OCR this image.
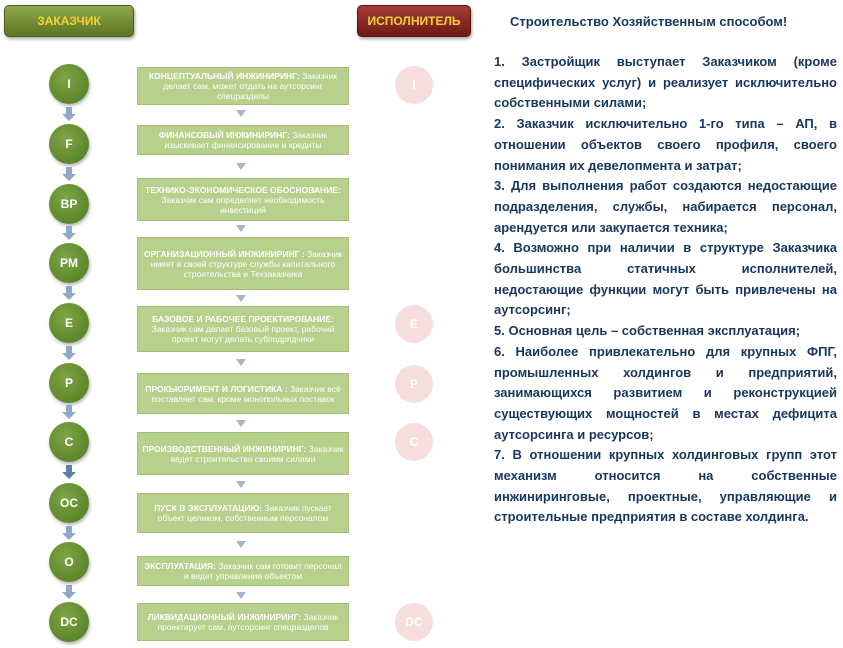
ЗАКАЗЧИК	ИСПОЛНИТЕЛЬ
I
F
BP
PM
E
P
C
OC
O
DC
КОНЦЕПТУАЛЬНЫЙ ИНЖИНИРИНГ: Заказчик делает сам, может отдать на аутсорсинг спецразделы
ФИНАНСОВЫЙ ИНЖИНИРИНГ: Заказчик изыскивает финансирование и кредиты
ТЕХНИКО-ЭКОНОМИЧЕСКОЕ ОБОСНОВАНИЕ: Заказчик сам определяет необходимость инвестиций
ОРГАНИЗАЦИОННЫЙ ИНЖИНИРИНГ : Заказчик имеет в своей структуре службы капитального строительства и Техзаказчика
БАЗОВОЕ И РАБОЧЕЕ ПРОЕКТИРОВАНИЕ: Заказчик сам делает базовый проект, рабочий проект могут делать субподрядчики
ПРОКЬЮРИМЕНТ И ЛОГИСТИКА : Заказчик всё поставляет сам, кроме монопольных поставок
ПРОИЗВОДСТВЕННЫЙ ИНЖИНИРИНГ: Заказчик ведет строительство своими силами
ПУСК В ЭКСПЛУАТАЦИЮ: Заказчик пускает объект целиком, собственным персоналом
ЭКСПЛУАТАЦИЯ: Заказчик сам готовит персонал и ведет управление объектом
ЛИКВИДАЦИОННЫЙ ИНЖИНИРИНГ: Заказчик проектирует сам, аутсорсинг спецразделов
I
E
P
C
DC
Строительство Хозяйственным способом!

1. Застройщик выступает Заказчиком (кроме специфических услуг) и реализует исключительно собственными силами;

2. Заказчик исключительно 1-го типа – АП, в отношении объектов своего профиля, своего понимания их девелопмента и затрат;

3. Для выполнения работ создаются недостающие подразделения, службы, набирается персонал, арендуется или закупается техника;

4. Возможно при наличии в структуре Заказчика большинства статичных исполнителей, недостающие функции могут быть привлечены на аутсорсинг;

5. Основная цель – собственная эксплуатация;

6. Наиболее привлекательно для крупных ФПГ, промышленных холдингов и предприятий, занимающихся развитием и реконструкцией существующих мощностей в местах дефицита аутсорсинга и ресурсов;

7. В отношении крупных холдинговых групп этот механизм относится на собственные инжиниринговые, проектные, управляющие и строительные предприятия в составе холдинга.
